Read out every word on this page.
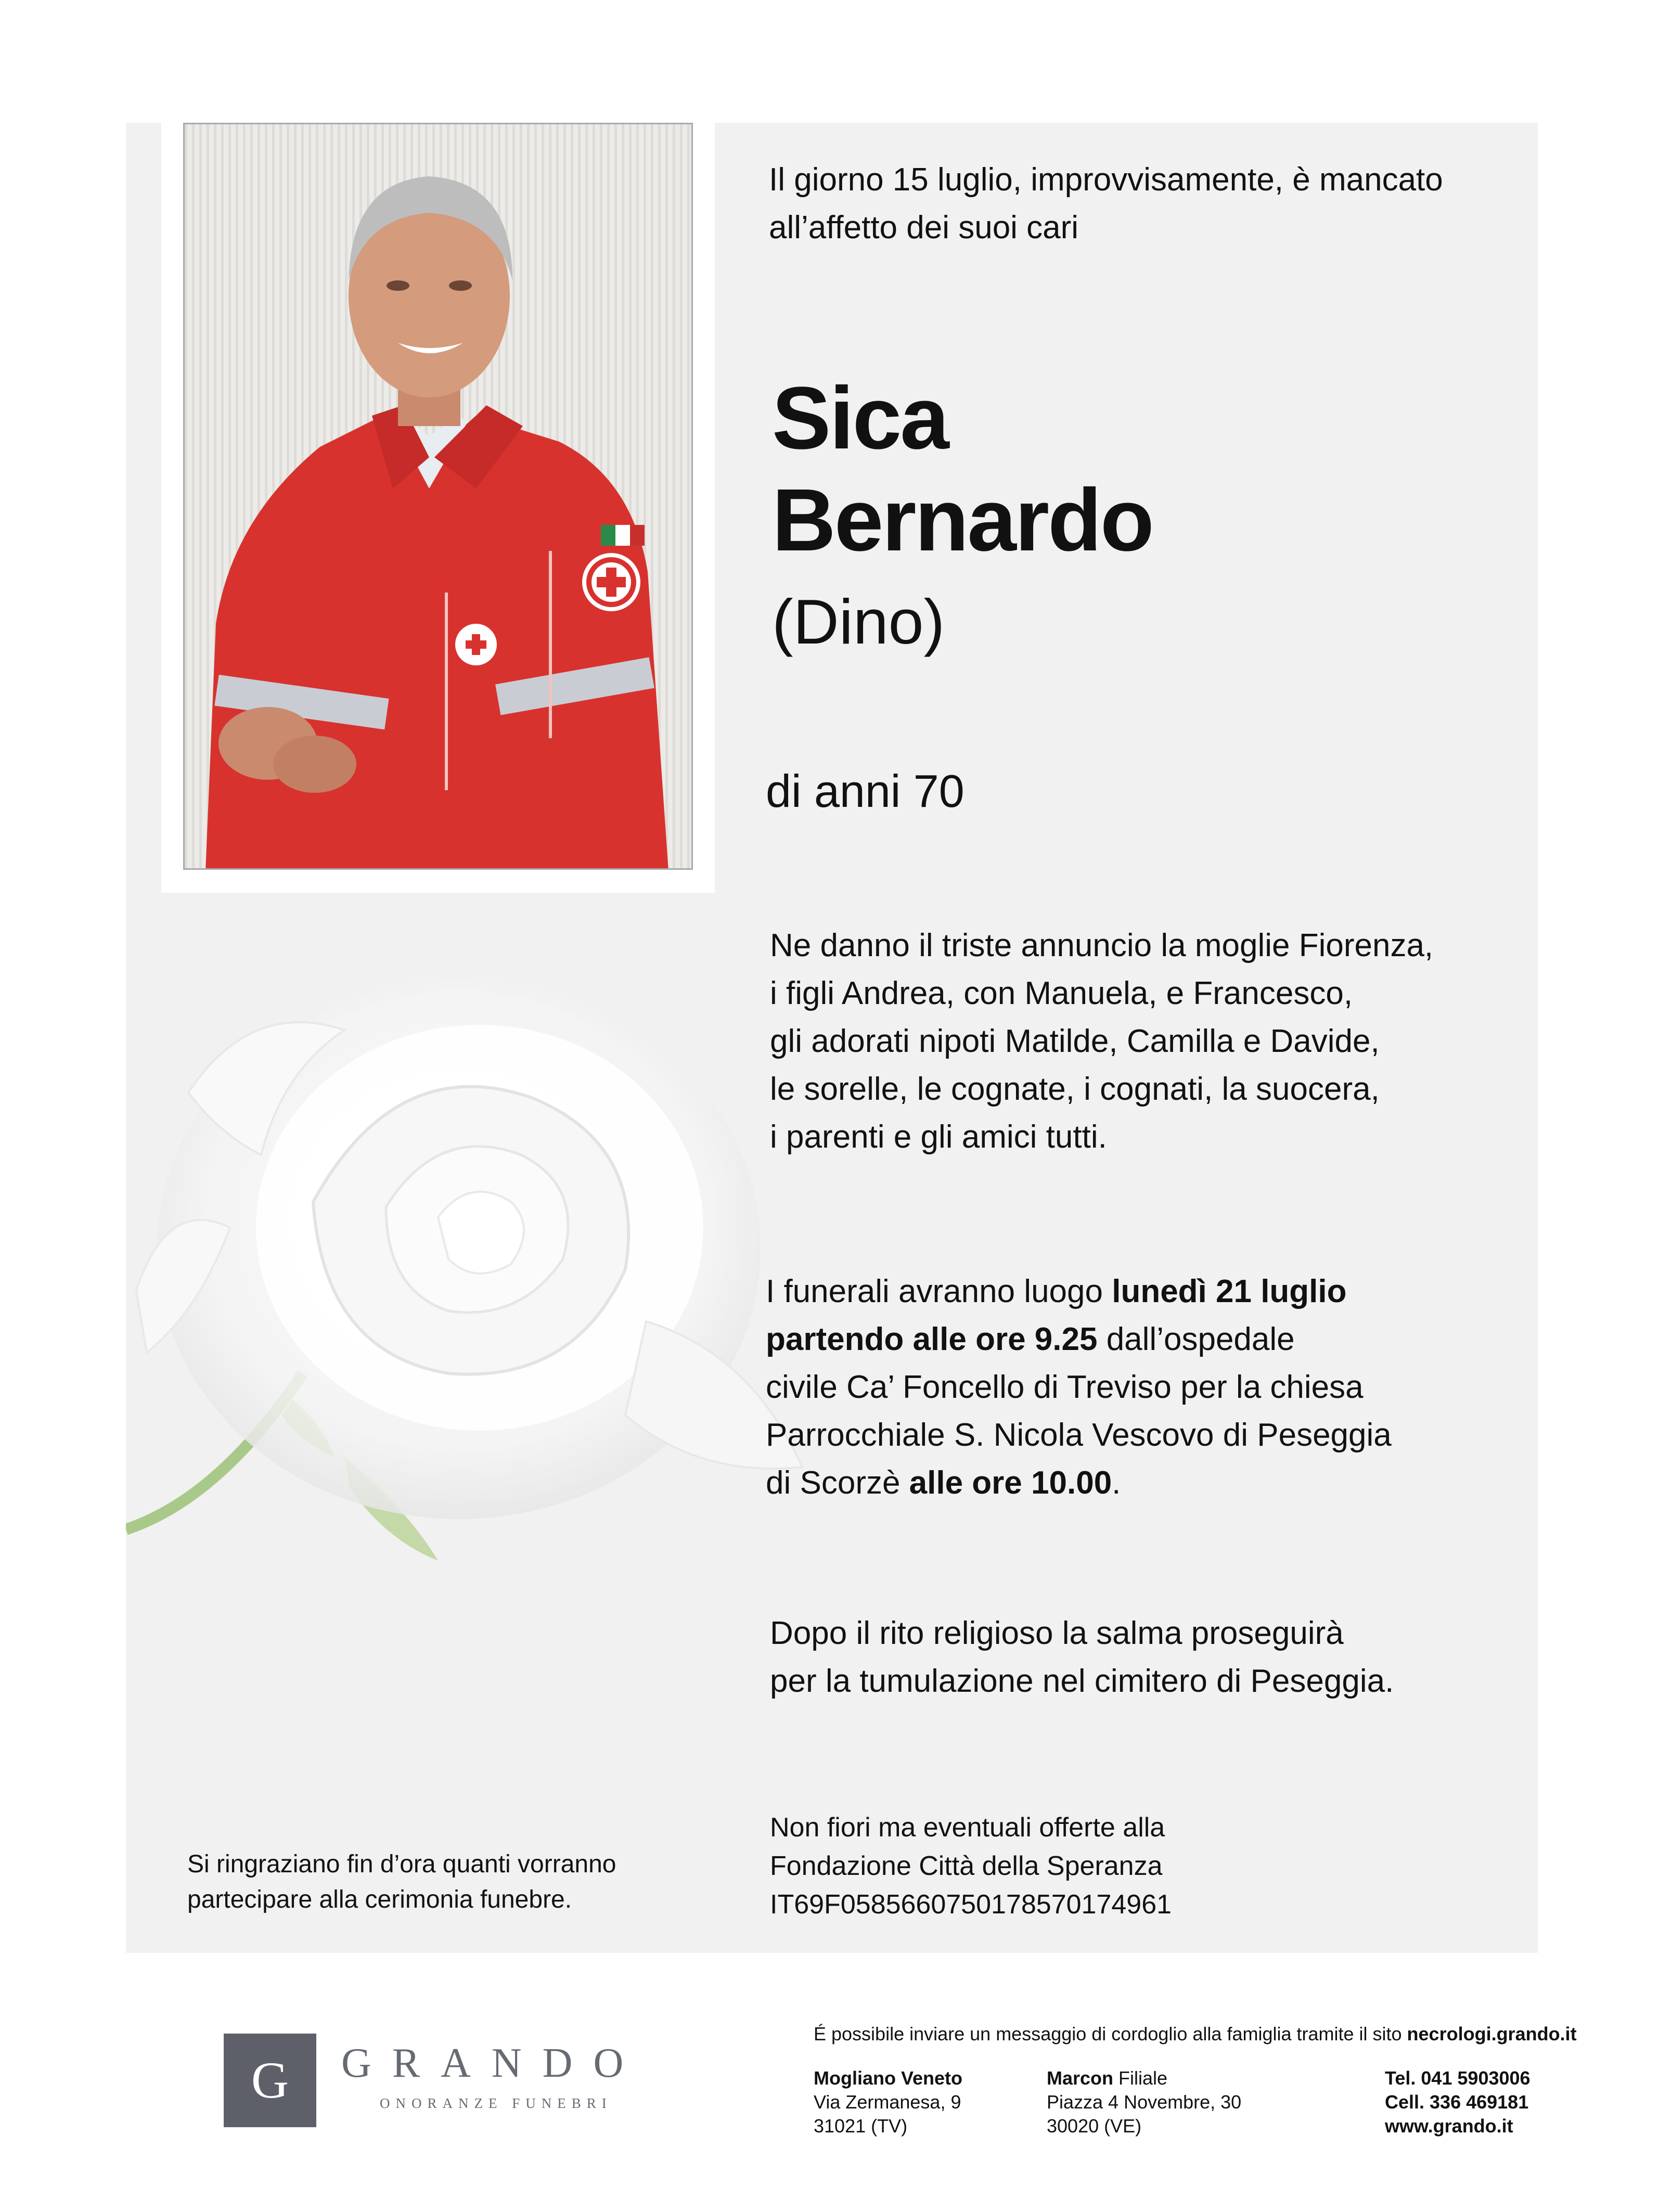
Il giorno 15 luglio, improvvisamente, è mancato
all’affetto dei suoi cari
Sica
Bernardo
(Dino)
di anni 70
Ne danno il triste annuncio la moglie Fiorenza,
i figli Andrea, con Manuela, e Francesco,
gli adorati nipoti Matilde, Camilla e Davide,
le sorelle, le cognate, i cognati, la suocera,
i parenti e gli amici tutti.
I funerali avranno luogo lunedì 21 luglio
partendo alle ore 9.25 dall’ospedale
civile Ca’ Foncello di Treviso per la chiesa
Parrocchiale S. Nicola Vescovo di Peseggia
di Scorzè alle ore 10.00.
Dopo il rito religioso la salma proseguirà
per la tumulazione nel cimitero di Peseggia.
Non fiori ma eventuali offerte alla
Fondazione Città della Speranza
IT69F0585660750178570174961
Si ringraziano fin d’ora quanti vorranno
partecipare alla cerimonia funebre.
G	GRANDO
ONORANZE FUNEBRI
É possibile inviare un messaggio di cordoglio alla famiglia tramite il sito necrologi.grando.it
Mogliano Veneto
Via Zermanesa, 9
31021 (TV)
Marcon Filiale
Piazza 4 Novembre, 30
30020 (VE)
Tel. 041 5903006
Cell. 336 469181
www.grando.it
